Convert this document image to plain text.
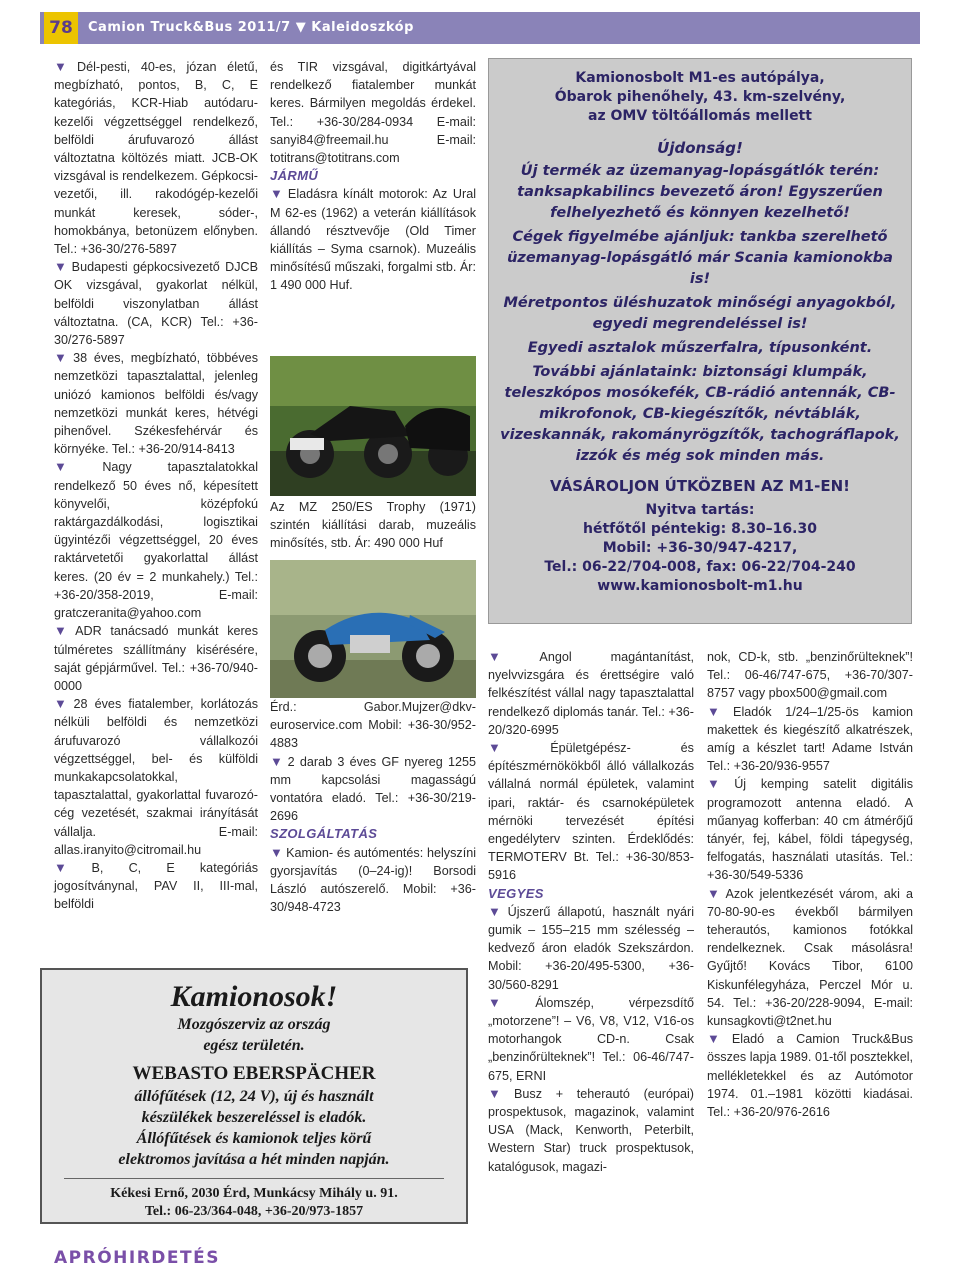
78	Camion Truck&Bus 2011/7 ▼ Kaleidoszkóp

▼ Dél-pesti, 40-es, józan életű, megbízható, pontos, B, C, E kategóriás, KCR-Hiab autódaru-kezelői végzettséggel rendelkező, belföldi árufuvarozó állást változtatna költözés miatt. JCB-OK vizsgával is rendelkezem. Gépkocsi-vezetői, ill. rakodógép-kezelői munkát keresek, sóder-, homokbánya, betonüzem előnyben. Tel.: +36-30/276-5897

▼ Budapesti gépkocsivezető DJCB OK vizsgával, gyakorlat nélkül, belföldi viszonylatban állást változtatna. (CA, KCR) Tel.: +36-30/276-5897

▼ 38 éves, megbízható, többéves nemzetközi tapasztalattal, jelenleg uniózó kamionos belföldi és/vagy nemzetközi munkát keres, hétvégi pihenővel. Székesfehérvár és környéke. Tel.: +36-20/914-8413

▼ Nagy tapasztalatokkal rendelkező 50 éves nő, képesített könyvelői, középfokú raktárgazdálkodási, logisztikai ügyintézői végzettséggel, 20 éves raktárvetetői gyakorlattal állást keres. (20 év = 2 munkahely.) Tel.: +36-20/358-2019, E-mail: gratczeranita@yahoo.com

▼ ADR tanácsadó munkát keres túlméretes szállítmány kisérésére, saját gépjárművel. Tel.: +36-70/940-0000

▼ 28 éves fiatalember, korlátozás nélküli belföldi és nemzetközi árufuvarozó vállalkozói végzettséggel, bel- és külföldi munkakapcsolatokkal, tapasztalattal, gyakorlattal fuvarozó- cég vezetését, szakmai irányítását vállalja. E-mail: allas.iranyito@citromail.hu

▼ B, C, E kategóriás jogosítványnal, PAV II, III-mal, belföldi

és TIR vizsgával, digitkártyával rendelkező fiatalember munkát keres. Bármilyen megoldás érdekel. Tel.: +36-30/284-0934 E-mail: sanyi84@freemail.hu E-mail: totitrans@totitrans.com

JÁRMŰ

▼ Eladásra kínált motorok: Az Ural M 62-es (1962) a veterán kiállítások állandó résztvevője (Old Timer kiállítás – Syma csarnok). Muzeális minősítésű műszaki, forgalmi stb. Ár: 1 490 000 Huf.

Az MZ 250/ES Trophy (1971) szintén kiállítási darab, muzeális minősítés, stb. Ár: 490 000 Huf

Érd.: Gabor.Mujzer@dkv-euroservice.com Mobil: +36-30/952-4883

▼ 2 darab 3 éves GF nyereg 1255 mm kapcsolási magasságú vontatóra eladó. Tel.: +36-30/219-2696

SZOLGÁLTATÁS

▼ Kamion- és autómentés: helyszíni gyorsjavítás (0–24-ig)! Borsodi László autószerelő. Mobil: +36-30/948-4723

Kamionosbolt M1-es autópálya,
Óbarok pihenőhely, 43. km-szelvény,
az OMV töltőállomás mellett
Újdonság!
Új termék az üzemanyag-lopásgátlók terén: tanksapkabilincs bevezető áron! Egyszerűen felhelyezhető és könnyen kezelhető!
Cégek figyelmébe ajánljuk: tankba szerelhető üzemanyag-lopásgátló már Scania kamionokba is!
Méretpontos üléshuzatok minőségi anyagokból, egyedi megrendeléssel is!
Egyedi asztalok műszerfalra, típusonként.
További ajánlataink: biztonsági klumpák, teleszkópos mosókefék, CB-rádió antennák, CB-mikrofonok, CB-kiegészítők, névtáblák, vizeskannák, rakományrögzítők, tachográflapok, izzók és még sok minden más.
VÁSÁROLJON ÚTKÖZBEN AZ M1-EN!
Nyitva tartás:
hétfőtől péntekig: 8.30–16.30
Mobil: +36-30/947-4217,
Tel.: 06-22/704-008, fax: 06-22/704-240
www.kamionosbolt-m1.hu

▼ Angol magántanítást, nyelvvizsgára és érettségire való felkészítést vállal nagy tapasztalattal rendelkező diplomás tanár. Tel.: +36-20/320-6995

▼ Épületgépész- és építészmérnökökből álló vállalkozás vállalná normál épületek, valamint ipari, raktár- és csarnoképületek mérnöki tervezését építési engedélyterv szinten. Érdeklődés: TERMOTERV Bt. Tel.: +36-30/853-5916

VEGYES

▼ Újszerű állapotú, használt nyári gumik – 155–215 mm szélesség – kedvező áron eladók Szekszárdon. Mobil: +36-20/495-5300, +36-30/560-8291

▼ Álomszép, vérpezsdítő „motorzene”! – V6, V8, V12, V16-os motorhangok CD-n. Csak „benzinőrülteknek”! Tel.: 06-46/747-675, ERNI

▼ Busz + teherautó (európai) prospektusok, magazinok, valamint USA (Mack, Kenworth, Peterbilt, Western Star) truck prospektusok, katalógusok, magazi-

nok, CD-k, stb. „benzinőrülteknek”! Tel.: 06-46/747-675, +36-70/307-8757 vagy pbox500@gmail.com

▼ Eladók 1/24–1/25-ös kamion makettek és kiegészítő alkatrészek, amíg a készlet tart! Adame István Tel.: +36-20/936-9557

▼ Új kemping satelit digitális programozott antenna eladó. A műanyag kofferban: 40 cm átmérőjű tányér, fej, kábel, földi tápegység, felfogatás, használati utasítás. Tel.: +36-30/549-5336

▼ Azok jelentkezését várom, aki a 70-80-90-es évekből bármilyen teherautós, kamionos fotókkal rendelkeznek. Csak másolásra! Gyűjtő! Kovács Tibor, 6100 Kiskunfélegyháza, Perczel Mór u. 54. Tel.: +36-20/228-9094, E-mail: kunsagkovti@t2net.hu

▼ Eladó a Camion Truck&Bus összes lapja 1989. 01-től posztekkel, mellékletekkel és az Autómotor 1974. 01.–1981 közötti kiadásai. Tel.: +36-20/976-2616

Kamionosok!
Mozgószerviz az ország
egész területén.
WEBASTO EBERSPÄCHER
állófűtések (12, 24 V), új és használt
készülékek beszereléssel is eladók.
Állófűtések és kamionok teljes körű
elektromos javítása a hét minden napján.
Kékesi Ernő, 2030 Érd, Munkácsy Mihály u. 91.
Tel.: 06-23/364-048, +36-20/973-1857
APRÓHIRDETÉS
